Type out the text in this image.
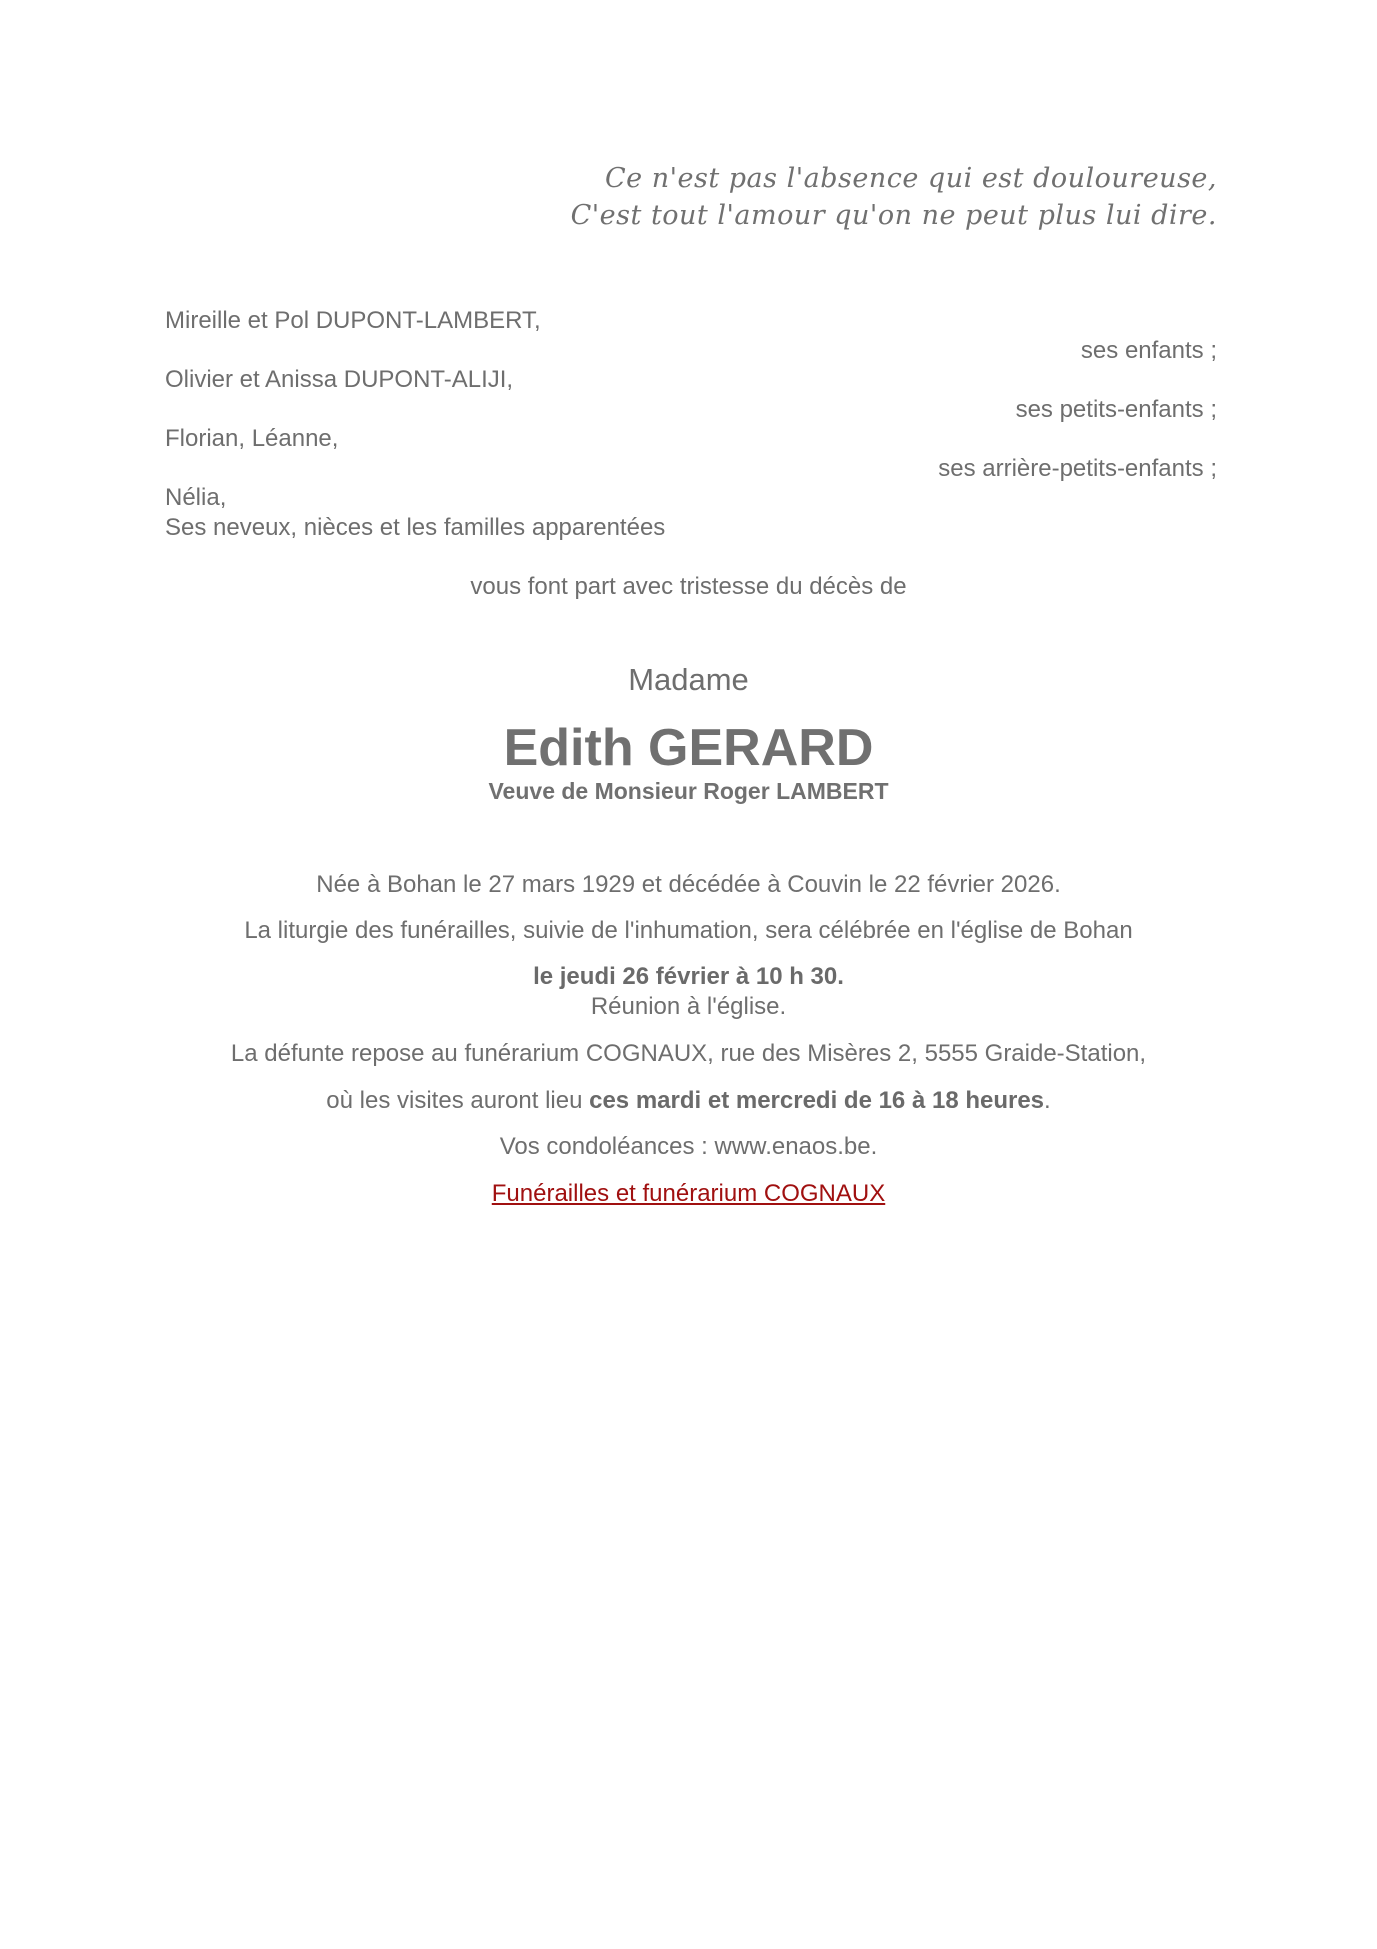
Ce n'est pas l'absence qui est douloureuse,
C'est tout l'amour qu'on ne peut plus lui dire.
Mireille et Pol DUPONT-LAMBERT,
ses enfants ;
Olivier et Anissa DUPONT-ALIJI,
ses petits-enfants ;
Florian, Léanne,
ses arrière-petits-enfants ;
Nélia,
Ses neveux, nièces et les familles apparentées
vous font part avec tristesse du décès de
Madame
Edith GERARD
Veuve de Monsieur Roger LAMBERT
Née à Bohan le 27 mars 1929 et décédée à Couvin le 22 février 2026.
La liturgie des funérailles, suivie de l'inhumation, sera célébrée en l'église de Bohan
le jeudi 26 février à 10 h 30.
Réunion à l'église.
La défunte repose au funérarium COGNAUX, rue des Misères 2, 5555 Graide-Station,
où les visites auront lieu ces mardi et mercredi de 16 à 18 heures.
Vos condoléances : www.enaos.be.
Funérailles et funérarium COGNAUX
